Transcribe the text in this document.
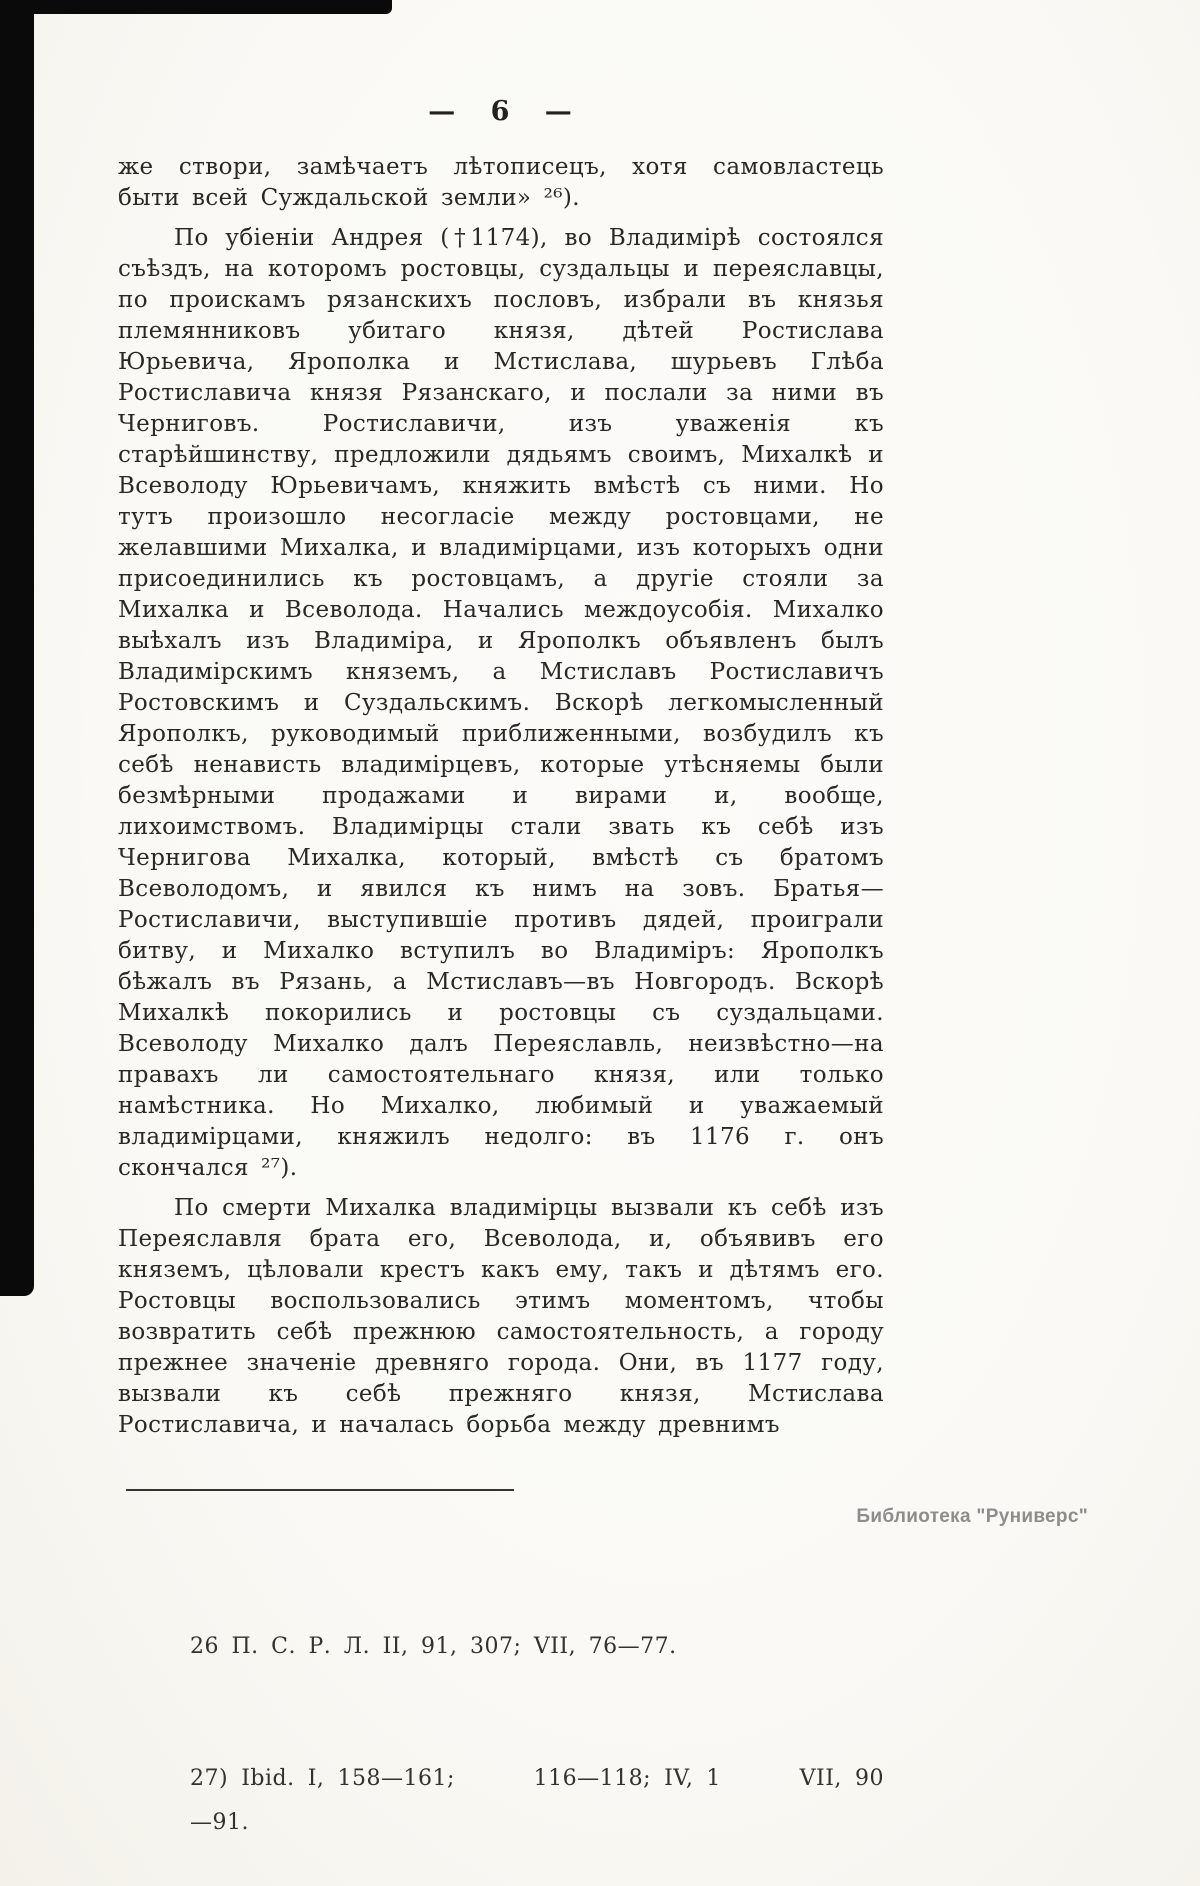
— 6 —

же створи, замѣчаетъ лѣтописецъ, хотя самовластець быти всей Суждальской земли» ²⁶).

По убіеніи Андрея (†1174), во Владимірѣ состоялся съѣздъ, на которомъ ростовцы, суздальцы и переяславцы, по проискамъ рязанскихъ пословъ, избрали въ князья племянниковъ убитаго князя, дѣтей Ростислава Юрьевича, Ярополка и Мстислава, шурьевъ Глѣба Ростиславича князя Рязанскаго, и послали за ними въ Черниговъ. Ростиславичи, изъ уваженія къ старѣйшинству, предложили дядьямъ своимъ, Михалкѣ и Всеволоду Юрьевичамъ, княжить вмѣстѣ съ ними. Но тутъ произошло несогласіе между ростовцами, не желавшими Михалка, и владимірцами, изъ которыхъ одни присоединились къ ростовцамъ, а другіе стояли за Михалка и Всеволода. Начались междоусобія. Михалко выѣхалъ изъ Владиміра, и Ярополкъ объявленъ былъ Владимірскимъ княземъ, а Мстиславъ Ростиславичъ Ростовскимъ и Суздальскимъ. Вскорѣ легкомысленный Ярополкъ, руководимый приближенными, возбудилъ къ себѣ ненависть владимірцевъ, которые утѣсняемы были безмѣрными продажами и вирами и, вообще, лихоимствомъ. Владимірцы стали звать къ себѣ изъ Чернигова Михалка, который, вмѣстѣ съ братомъ Всеволодомъ, и явился къ нимъ на зовъ. Братья—Ростиславичи, выступившіе противъ дядей, проиграли битву, и Михалко вступилъ во Владиміръ: Ярополкъ бѣжалъ въ Рязань, а Мстиславъ—въ Новгородъ. Вскорѣ Михалкѣ покорились и ростовцы съ суздальцами. Всеволоду Михалко далъ Переяславль, неизвѣстно—на правахъ ли самостоятельнаго князя, или только намѣстника. Но Михалко, любимый и уважаемый владимірцами, княжилъ недолго: въ 1176 г. онъ скончался ²⁷).

По смерти Михалка владимірцы вызвали къ себѣ изъ Переяславля брата его, Всеволода, и, объявивъ его княземъ, цѣловали крестъ какъ ему, такъ и дѣтямъ его. Ростовцы воспользовались этимъ моментомъ, чтобы возвратить себѣ прежнюю самостоятельность, а городу прежнее значеніе древняго города. Они, въ 1177 году, вызвали къ себѣ прежняго князя, Мстислава Ростиславича, и началась борьба между древнимъ

26 П. С. Р. Л. II, 91, 307; VII, 76—77.

27) Ibid. I, 158—161;      116—118; IV, 1      VII, 90—91.

Библиотека "Руниверс"
